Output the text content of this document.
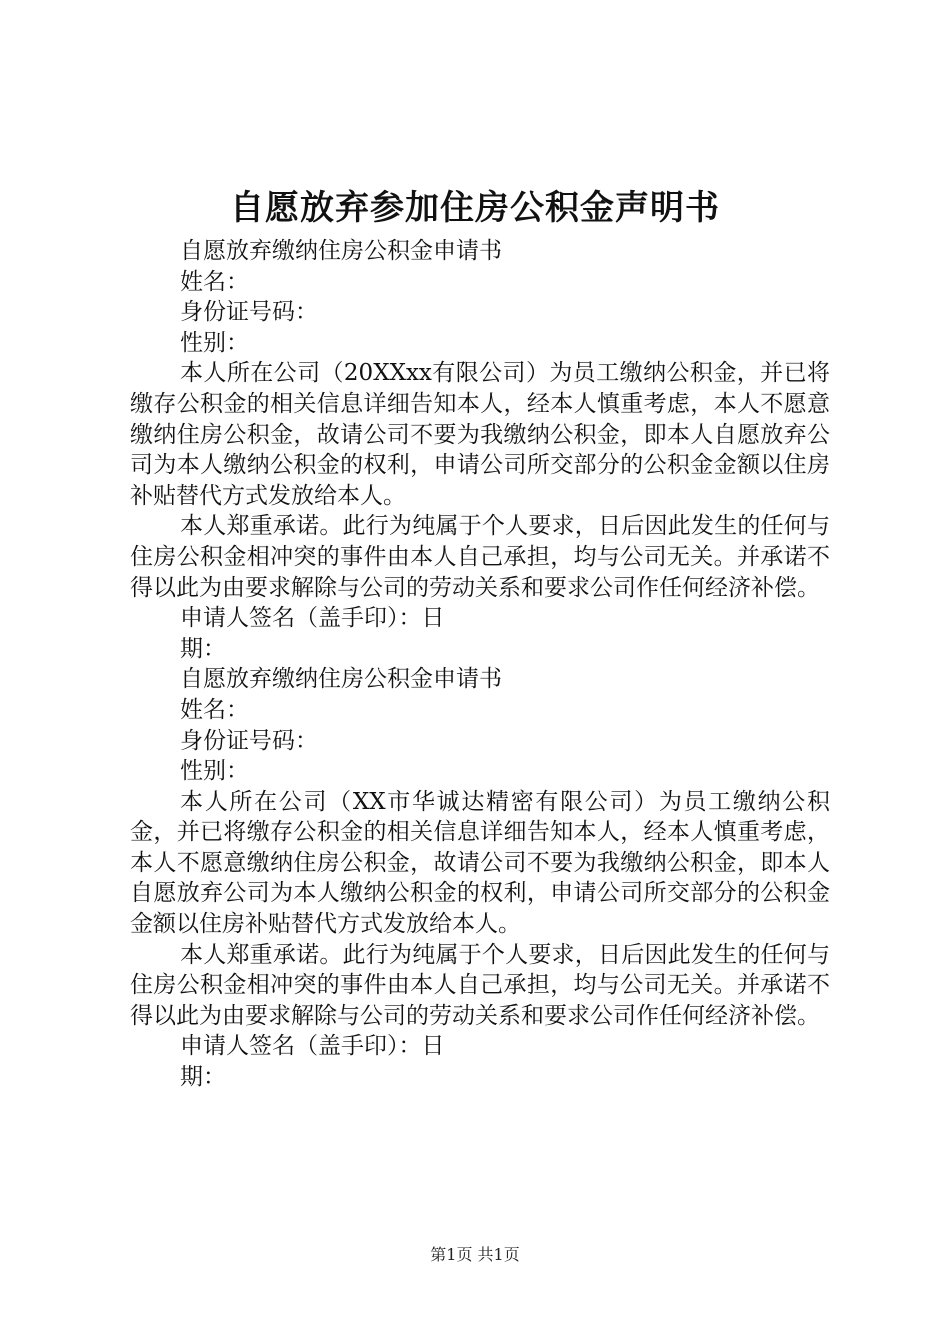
自愿放弃参加住房公积金声明书

自愿放弃缴纳住房公积金申请书

姓名：

身份证号码：

性别：

本人所在公司（20XXxx有限公司）为员工缴纳公积金，并已将缴存公积金的相关信息详细告知本人，经本人慎重考虑，本人不愿意缴纳住房公积金，故请公司不要为我缴纳公积金，即本人自愿放弃公司为本人缴纳公积金的权利，申请公司所交部分的公积金金额以住房补贴替代方式发放给本人。

本人郑重承诺。此行为纯属于个人要求，日后因此发生的任何与住房公积金相冲突的事件由本人自己承担，均与公司无关。并承诺不得以此为由要求解除与公司的劳动关系和要求公司作任何经济补偿。

申请人签名（盖手印）：日

期：

自愿放弃缴纳住房公积金申请书

姓名：

身份证号码：

性别：

本人所在公司（XX市华诚达精密有限公司）为员工缴纳公积金，并已将缴存公积金的相关信息详细告知本人，经本人慎重考虑，本人不愿意缴纳住房公积金，故请公司不要为我缴纳公积金，即本人自愿放弃公司为本人缴纳公积金的权利，申请公司所交部分的公积金金额以住房补贴替代方式发放给本人。

本人郑重承诺。此行为纯属于个人要求，日后因此发生的任何与住房公积金相冲突的事件由本人自己承担，均与公司无关。并承诺不得以此为由要求解除与公司的劳动关系和要求公司作任何经济补偿。

申请人签名（盖手印）：日

期：

第1页 共1页
